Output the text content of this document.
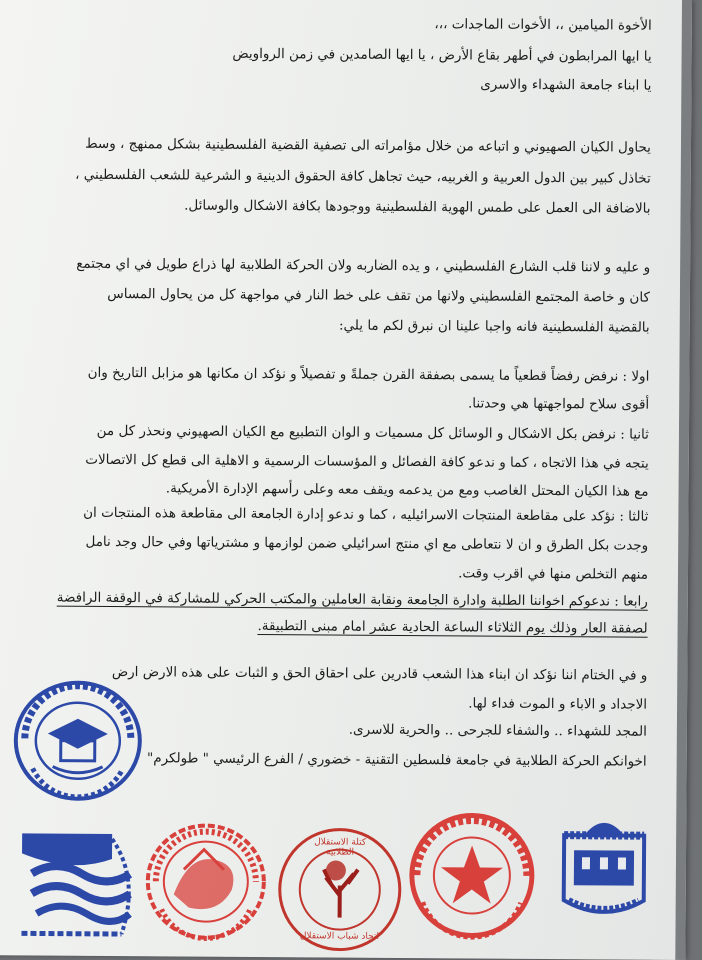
الأخوة الميامين ،، الأخوات الماجدات ،،،
يا ايها المرابطون في أطهر بقاع الأرض ، يا ايها الصامدين في زمن الرواويض
يا ابناء جامعة الشهداء والاسرى
يحاول الكيان الصهيوني و اتباعه من خلال مؤامراته الى تصفية القضية الفلسطينية بشكل ممنهج ، وسط
تخاذل كبير بين الدول العربية و الغربيه، حيث تجاهل كافة الحقوق الدينية و الشرعية للشعب الفلسطيني ،
بالاضافة الى العمل على طمس الهوية الفلسطينية ووجودها بكافة الاشكال والوسائل.
و عليه و لاننا قلب الشارع الفلسطيني ، و يده الضاربه ولان الحركة الطلابية لها ذراع طويل في اي مجتمع
كان و خاصة المجتمع الفلسطيني ولانها من تقف على خط النار في مواجهة كل من يحاول المساس
بالقضية الفلسطينية فانه واجبا علينا ان نبرق لكم ما يلي:
اولا : نرفض رفضاً قطعياً ما يسمى بصفقة القرن جملةً و تفصيلاً و نؤكد ان مكانها هو مزابل التاريخ وان
أقوى سلاح لمواجهتها هي وحدتنا.
ثانيا : نرفض بكل الاشكال و الوسائل كل مسميات و الوان التطبيع مع الكيان الصهيوني ونحذر كل من
يتجه في هذا الاتجاه ، كما و ندعو كافة الفصائل و المؤسسات الرسمية و الاهلية الى قطع كل الاتصالات
مع هذا الكيان المحتل الغاصب ومع من يدعمه ويقف معه وعلى رأسهم الإدارة الأمريكية.
ثالثا : نؤكد على مقاطعة المنتجات الاسرائيليه ، كما و ندعو إدارة الجامعة الى مقاطعة هذه المنتجات ان
وجدت بكل الطرق و ان لا نتعاطى مع اي منتج اسرائيلي ضمن لوازمها و مشترياتها وفي حال وجد نامل
منهم التخلص منها في اقرب وقت.
رابعا : ندعوكم اخواننا الطلبة وادارة الجامعة ونقابة العاملين والمكتب الحركي للمشاركة في الوقفة الرافضة
لصفقة العار وذلك يوم الثلاثاء الساعة الحادية عشر امام مبنى التطبيقة.
و في الختام اننا نؤكد ان ابناء هذا الشعب قادرين على احقاق الحق و الثبات على هذه الارض ارض
الاجداد و الاباء و الموت فداء لها.
المجد للشهداء .. والشفاء للجرحى .. والحرية للاسرى.
اخوانكم الحركة الطلابية في جامعة فلسطين التقنية - خضوري / الفرع الرئيسي " طولكرم"
كتلة الاستقلال الطلابية
اتحاد شباب الاستقلال
